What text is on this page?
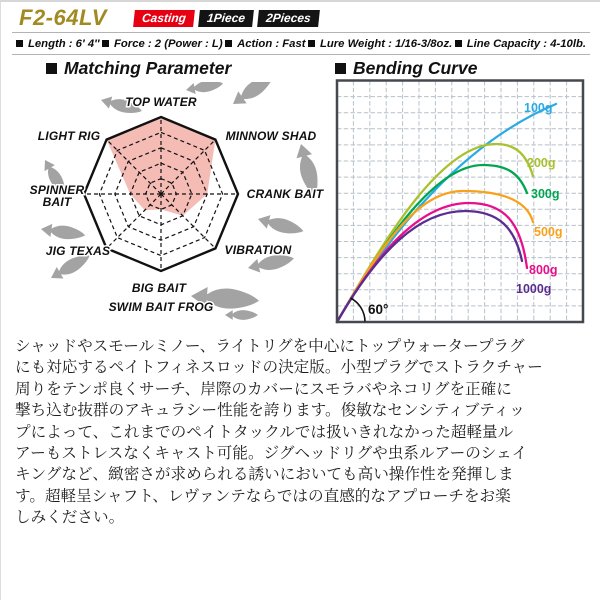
F2-64LV	Casting	1Piece	2Pieces
Length : 6′ 4″	Force : 2 (Power : L)	Action : Fast	Lure Weight : 1/16-3/8oz.	Line Capacity : 4-10lb.
Matching Parameter	Bending Curve
TOP WATER
MINNOW SHAD
CRANK BAIT
VIBRATION
BIG BAIT
JIG TEXAS
SPINNER BAIT
LIGHT RIG
SWIM BAIT FROG
100g
200g
300g
500g
800g
1000g
60°

シャッドやスモールミノー、ライトリグを中心にトップウォータープラグ
にも対応するペイトフィネスロッドの決定版。小型プラグでストラクチャー
周りをテンポ良くサーチ、岸際のカバーにスモラバやネコリグを正確に
撃ち込む抜群のアキュラシー性能を誇ります。俊敏なセンシティブティッ
プによって、これまでのペイトタックルでは扱いきれなかった超軽量ル
アーもストレスなくキャスト可能。ジグヘッドリグや虫系ルアーのシェイ
キングなど、緻密さが求められる誘いにおいても高い操作性を発揮しま
す。超軽呈シャフト、レヴァンテならではの直感的なアプローチをお楽
しみください。
